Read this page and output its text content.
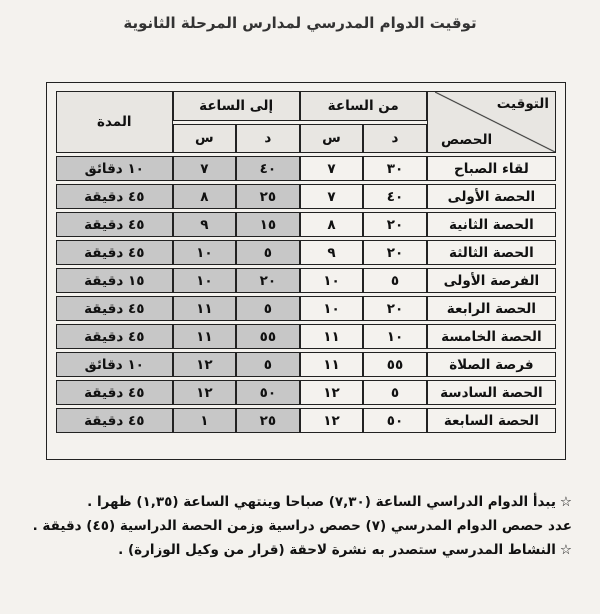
توقيت الدوام المدرسي لمدارس المرحلة الثانوية
التوقيت
الحصص	من الساعة		إلى الساعة		المدة
	د	س	د	س	
لقاء الصباح	٣٠	٧	٤٠	٧	١٠ دقائق
الحصة الأولى	٤٠	٧	٢٥	٨	٤٥ دقيقة
الحصة الثانية	٢٠	٨	١٥	٩	٤٥ دقيقة
الحصة الثالثة	٢٠	٩	٥	١٠	٤٥ دقيقة
الفرصة الأولى	٥	١٠	٢٠	١٠	١٥ دقيقة
الحصة الرابعة	٢٠	١٠	٥	١١	٤٥ دقيقة
الحصة الخامسة	١٠	١١	٥٥	١١	٤٥ دقيقة
فرصة الصلاة	٥٥	١١	٥	١٢	١٠ دقائق
الحصة السادسة	٥	١٢	٥٠	١٢	٤٥ دقيقة
الحصة السابعة	٥٠	١٢	٢٥	١	٤٥ دقيقة
☆يبدأ الدوام الدراسي الساعة (٧,٣٠) صباحا وينتهي الساعة (١,٣٥) ظهرا .
عدد حصص الدوام المدرسي (٧) حصص دراسية وزمن الحصة الدراسية (٤٥) دقيقة .
☆النشاط المدرسي ستصدر به نشرة لاحقة (قرار من وكيل الوزارة) .
